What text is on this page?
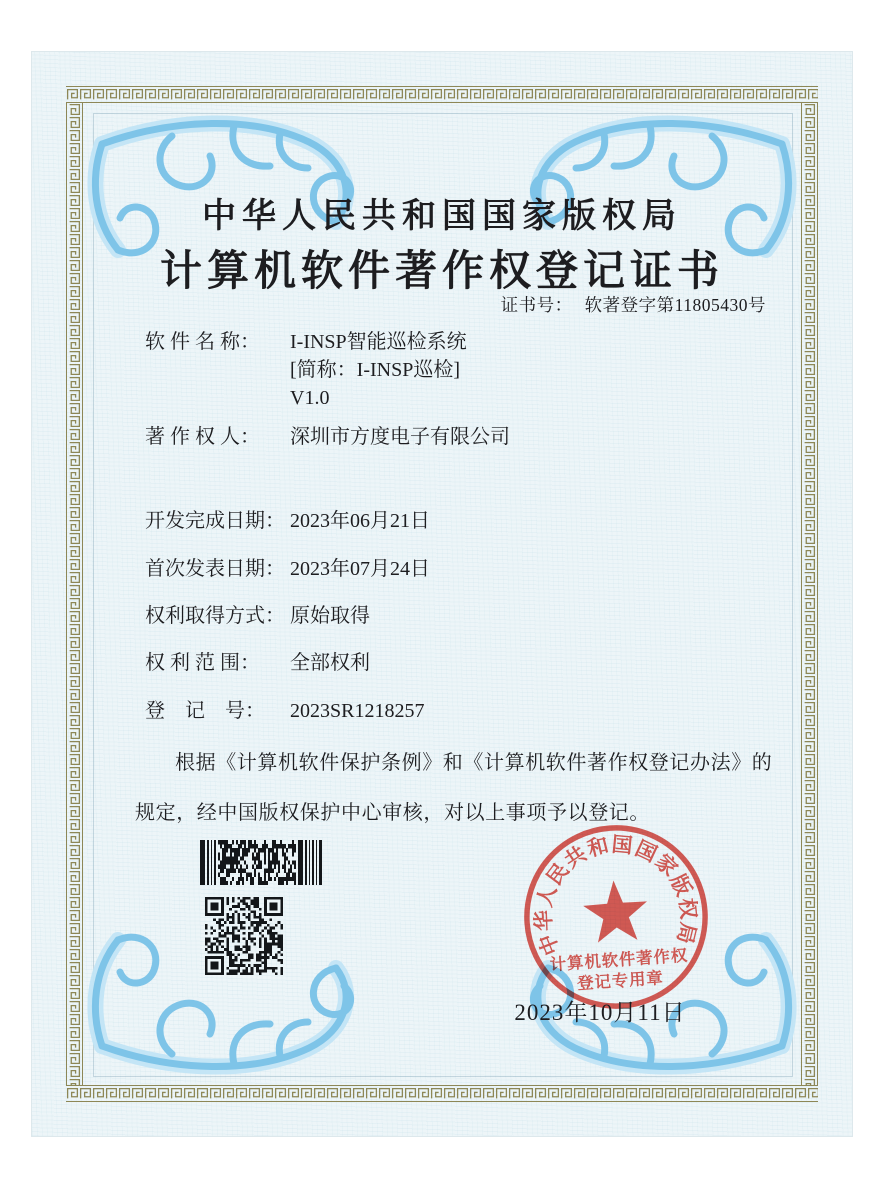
中华人民共和国国家版权局
计算机软件著作权登记证书
证书号： 软著登字第11805430号
软 件 名 称： I-INSP智能巡检系统
[简称：I-INSP巡检]
V1.0
著 作 权 人： 深圳市方度电子有限公司
开发完成日期： 2023年06月21日
首次发表日期： 2023年07月24日
权利取得方式： 原始取得
权 利 范 围： 全部权利
登　记　号： 2023SR1218257
根据《计算机软件保护条例》和《计算机软件著作权登记办法》的
规定，经中国版权保护中心审核，对以上事项予以登记。
中华人民共和国国家版权局
计算机软件著作权
登记专用章
2023年10月11日
